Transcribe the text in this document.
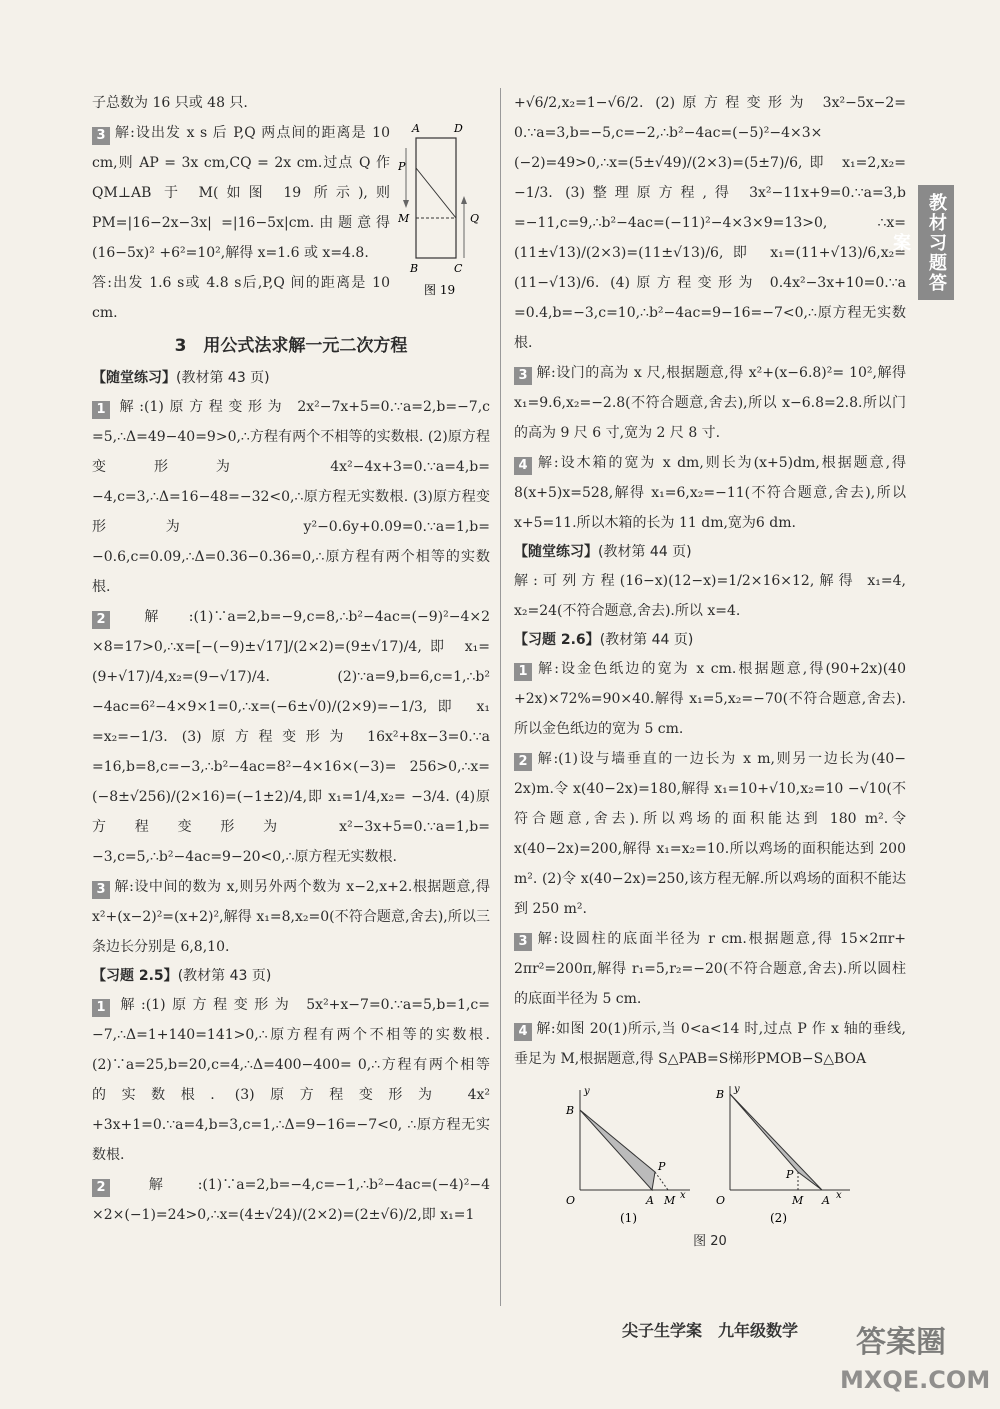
子总数为 16 只或 48 只.

A	D
P
M	Q
B	C
图 19

3 解:设出发 x s 后 P,Q 两点间的距离是 10 cm,则 AP = 3x cm,CQ = 2x cm.过点 Q 作 QM⊥AB 于 M(如图 19 所示),则 PM=|16−2x−3x| =|16−5x|cm.由题意得(16−5x)² +6²=10²,解得 x=1.6 或 x=4.8.

答:出发 1.6 s或 4.8 s后,P,Q 间的距离是 10 cm.

3　用公式法求解一元二次方程

【随堂练习】(教材第 43 页)

1 解:(1)原方程变形为 2x²−7x+5=0.∵a=2,b=−7,c =5,∴Δ=49−40=9>0,∴方程有两个不相等的实数根. (2)原方程变形为 4x²−4x+3=0.∵a=4,b= −4,c=3,∴Δ=16−48=−32<0,∴原方程无实数根. (3)原方程变形为 y²−0.6y+0.09=0.∵a=1,b= −0.6,c=0.09,∴Δ=0.36−0.36=0,∴原方程有两个相等的实数根.

2 解:(1)∵a=2,b=−9,c=8,∴b²−4ac=(−9)²−4×2 ×8=17>0,∴x=[−(−9)±√17]/(2×2)=(9±√17)/4,即 x₁= (9+√17)/4,x₂=(9−√17)/4. (2)∵a=9,b=6,c=1,∴b² −4ac=6²−4×9×1=0,∴x=(−6±√0)/(2×9)=−1/3,即 x₁ =x₂=−1/3. (3)原方程变形为 16x²+8x−3=0.∵a =16,b=8,c=−3,∴b²−4ac=8²−4×16×(−3)= 256>0,∴x=(−8±√256)/(2×16)=(−1±2)/4,即 x₁=1/4,x₂= −3/4. (4)原方程变形为 x²−3x+5=0.∵a=1,b= −3,c=5,∴b²−4ac=9−20<0,∴原方程无实数根.

3 解:设中间的数为 x,则另外两个数为 x−2,x+2.根据题意,得 x²+(x−2)²=(x+2)²,解得 x₁=8,x₂=0(不符合题意,舍去),所以三条边长分别是 6,8,10.

【习题 2.5】(教材第 43 页)

1 解:(1)原方程变形为 5x²+x−7=0.∵a=5,b=1,c= −7,∴Δ=1+140=141>0,∴原方程有两个不相等的实数根. (2)∵a=25,b=20,c=4,∴Δ=400−400= 0,∴方程有两个相等的实数根. (3)原方程变形为 4x² +3x+1=0.∵a=4,b=3,c=1,∴Δ=9−16=−7<0, ∴原方程无实数根.

2 解:(1)∵a=2,b=−4,c=−1,∴b²−4ac=(−4)²−4 ×2×(−1)=24>0,∴x=(4±√24)/(2×2)=(2±√6)/2,即 x₁=1

+√6/2,x₂=1−√6/2. (2)原方程变形为 3x²−5x−2= 0.∵a=3,b=−5,c=−2,∴b²−4ac=(−5)²−4×3× (−2)=49>0,∴x=(5±√49)/(2×3)=(5±7)/6,即 x₁=2,x₂= −1/3. (3)整理原方程,得 3x²−11x+9=0.∵a=3,b =−11,c=9,∴b²−4ac=(−11)²−4×3×9=13>0, ∴x=(11±√13)/(2×3)=(11±√13)/6,即 x₁=(11+√13)/6,x₂= (11−√13)/6. (4)原方程变形为 0.4x²−3x+10=0.∵a =0.4,b=−3,c=10,∴b²−4ac=9−16=−7<0,∴原方程无实数根.

3 解:设门的高为 x 尺,根据题意,得 x²+(x−6.8)²= 10²,解得 x₁=9.6,x₂=−2.8(不符合题意,舍去),所以 x−6.8=2.8.所以门的高为 9 尺 6 寸,宽为 2 尺 8 寸.

4 解:设木箱的宽为 x dm,则长为(x+5)dm,根据题意,得 8(x+5)x=528,解得 x₁=6,x₂=−11(不符合题意,舍去),所以 x+5=11.所以木箱的长为 11 dm,宽为6 dm.

【随堂练习】(教材第 44 页)

解:可列方程(16−x)(12−x)=1/2×16×12,解得 x₁=4, x₂=24(不符合题意,舍去).所以 x=4.

【习题 2.6】(教材第 44 页)

1 解:设金色纸边的宽为 x cm.根据题意,得(90+2x)(40 +2x)×72%=90×40.解得 x₁=5,x₂=−70(不符合题意,舍去).所以金色纸边的宽为 5 cm.

2 解:(1)设与墙垂直的一边长为 x m,则另一边长为(40− 2x)m.令 x(40−2x)=180,解得 x₁=10+√10,x₂=10 −√10(不符合题意,舍去).所以鸡场的面积能达到 180 m².令 x(40−2x)=200,解得 x₁=x₂=10.所以鸡场的面积能达到 200 m². (2)令 x(40−2x)=250,该方程无解.所以鸡场的面积不能达到 250 m².

3 解:设圆柱的底面半径为 r cm.根据题意,得 15×2πr+ 2πr²=200π,解得 r₁=5,r₂=−20(不符合题意,舍去).所以圆柱的底面半径为 5 cm.

4 解:如图 20(1)所示,当 0<a<14 时,过点 P 作 x 轴的垂线,垂足为 M,根据题意,得 S△PAB=S梯形PMOB−S△BOA

B
y
P
O	A M x
(1)
B y
P
O	M A x
(2)
图 20
教材习题答案
尖子生学案　九年级数学 答案圈
MXQE.COM
